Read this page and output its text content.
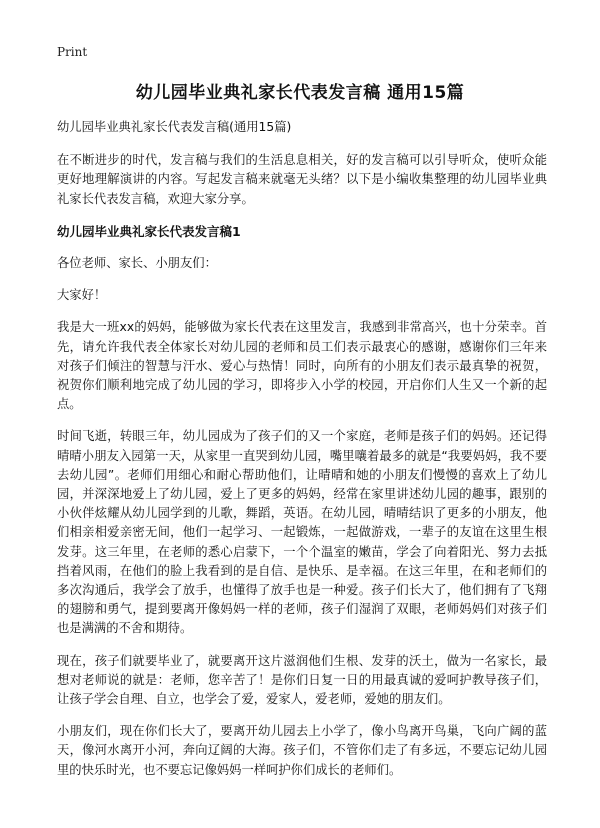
Print
幼儿园毕业典礼家长代表发言稿 通用15篇

幼儿园毕业典礼家长代表发言稿(通用15篇)

在不断进步的时代，发言稿与我们的生活息息相关，好的发言稿可以引导听众，使听众能更好地理解演讲的内容。写起发言稿来就毫无头绪？以下是小编收集整理的幼儿园毕业典礼家长代表发言稿，欢迎大家分享。

幼儿园毕业典礼家长代表发言稿1

各位老师、家长、小朋友们：

大家好！

我是大一班xx的妈妈，能够做为家长代表在这里发言，我感到非常高兴，也十分荣幸。首先，请允许我代表全体家长对幼儿园的老师和员工们表示最衷心的感谢，感谢你们三年来对孩子们倾注的智慧与汗水、爱心与热情！同时，向所有的小朋友们表示最真挚的祝贺，祝贺你们顺利地完成了幼儿园的学习，即将步入小学的校园，开启你们人生又一个新的起点。

时间飞逝，转眼三年，幼儿园成为了孩子们的又一个家庭，老师是孩子们的妈妈。还记得晴晴小朋友入园第一天，从家里一直哭到幼儿园，嘴里嚷着最多的就是“我要妈妈，我不要去幼儿园”。老师们用细心和耐心帮助他们，让晴晴和她的小朋友们慢慢的喜欢上了幼儿园，并深深地爱上了幼儿园，爱上了更多的妈妈，经常在家里讲述幼儿园的趣事，跟别的小伙伴炫耀从幼儿园学到的儿歌，舞蹈，英语。在幼儿园，晴晴结识了更多的小朋友，他们相亲相爱亲密无间，他们一起学习、一起锻炼，一起做游戏，一辈子的友谊在这里生根发芽。这三年里，在老师的悉心启蒙下，一个个温室的嫩苗，学会了向着阳光、努力去抵挡着风雨，在他们的脸上我看到的是自信、是快乐、是幸福。在这三年里，在和老师们的多次沟通后，我学会了放手，也懂得了放手也是一种爱。孩子们长大了，他们拥有了飞翔的翅膀和勇气，提到要离开像妈妈一样的老师，孩子们湿润了双眼，老师妈妈们对孩子们也是满满的不舍和期待。

现在，孩子们就要毕业了，就要离开这片滋润他们生根、发芽的沃土，做为一名家长，最想对老师说的就是：老师，您辛苦了！是你们日复一日的用最真诚的爱呵护教导孩子们，让孩子学会自理、自立，也学会了爱，爱家人，爱老师，爱她的朋友们。

小朋友们，现在你们长大了，要离开幼儿园去上小学了，像小鸟离开鸟巢，飞向广阔的蓝天，像河水离开小河，奔向辽阔的大海。孩子们，不管你们走了有多远，不要忘记幼儿园里的快乐时光，也不要忘记像妈妈一样呵护你们成长的老师们。
